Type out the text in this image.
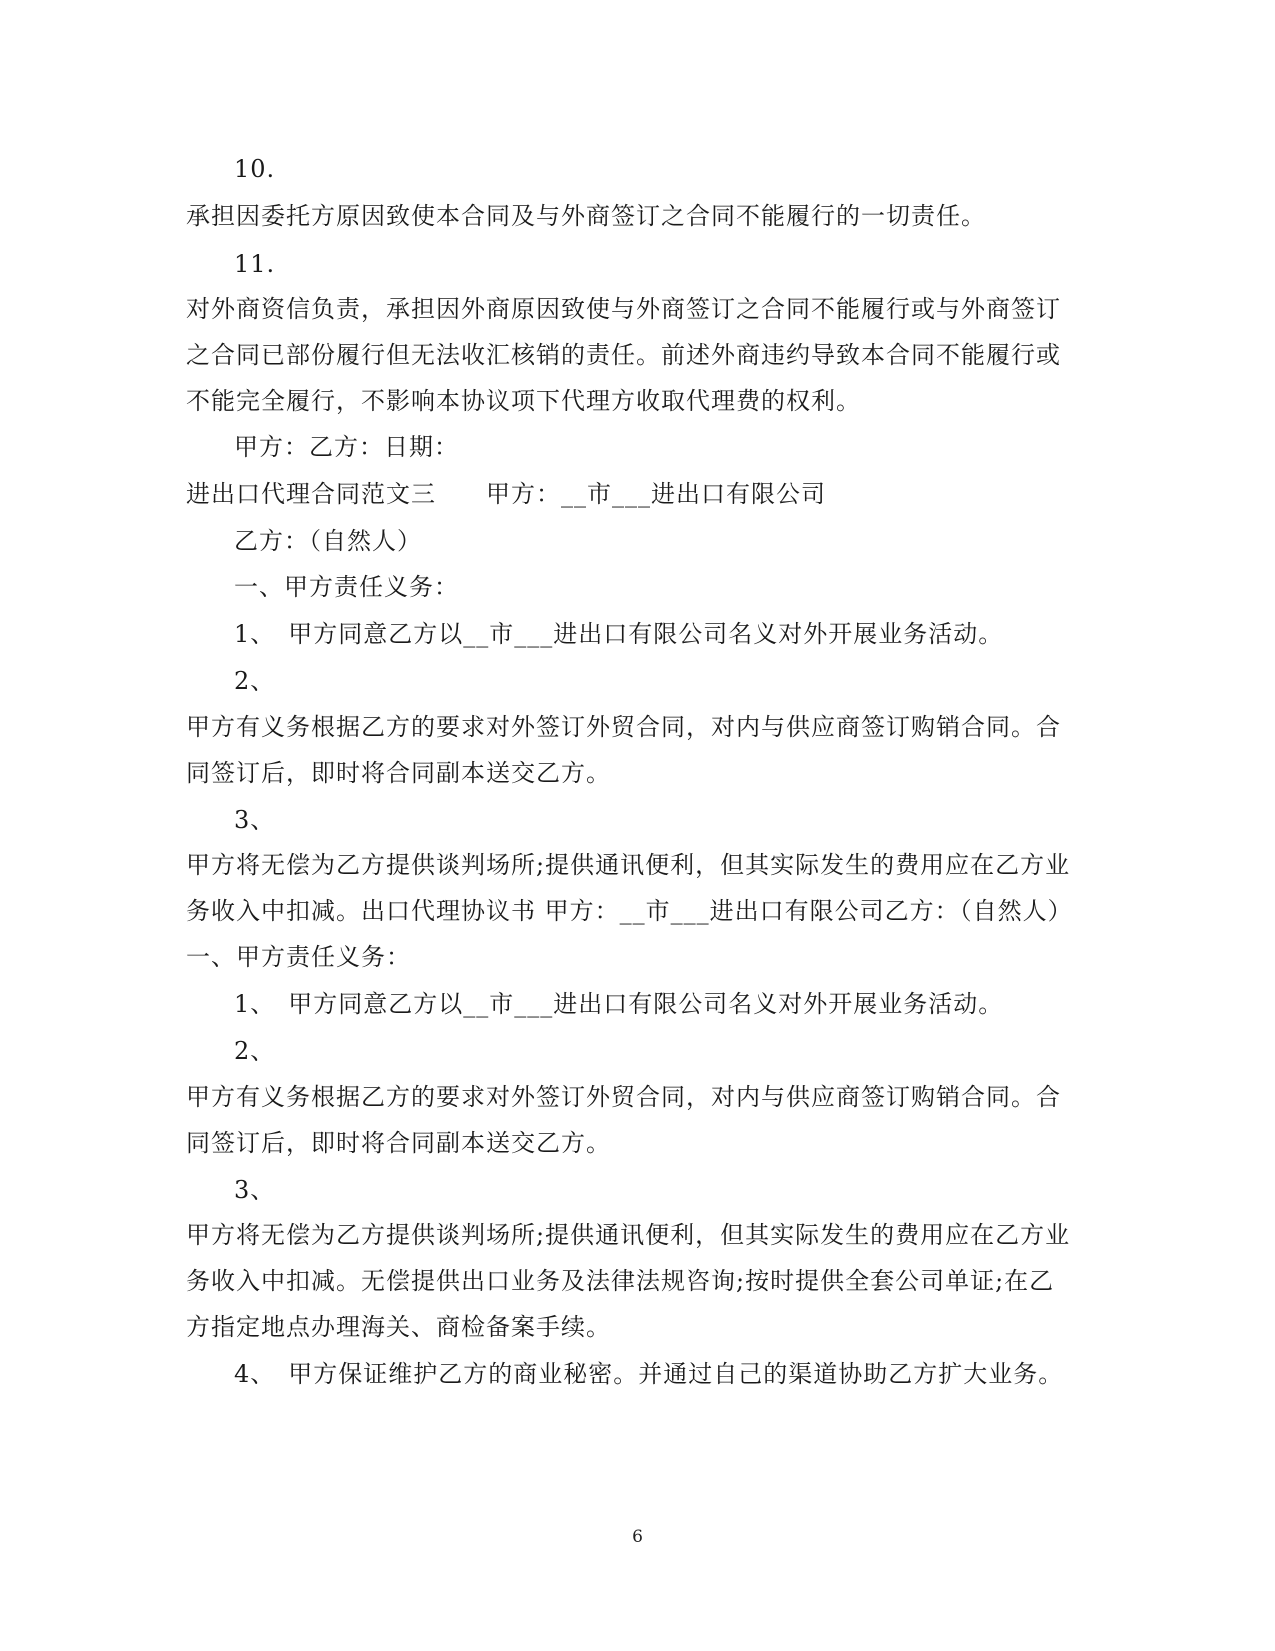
10.
承担因委托方原因致使本合同及与外商签订之合同不能履行的一切责任。
11.
对外商资信负责，承担因外商原因致使与外商签订之合同不能履行或与外商签订
之合同已部份履行但无法收汇核销的责任。前述外商违约导致本合同不能履行或
不能完全履行，不影响本协议项下代理方收取代理费的权利。
甲方：乙方：日期：
进出口代理合同范文三　　甲方：__市___进出口有限公司
乙方：（自然人）
一、甲方责任义务：
1、　甲方同意乙方以__市___进出口有限公司名义对外开展业务活动。
2、
甲方有义务根据乙方的要求对外签订外贸合同，对内与供应商签订购销合同。合
同签订后，即时将合同副本送交乙方。
3、
甲方将无偿为乙方提供谈判场所;提供通讯便利，但其实际发生的费用应在乙方业
务收入中扣减。出口代理协议书 甲方：__市___进出口有限公司乙方：（自然人）
一、甲方责任义务：
1、　甲方同意乙方以__市___进出口有限公司名义对外开展业务活动。
2、
甲方有义务根据乙方的要求对外签订外贸合同，对内与供应商签订购销合同。合
同签订后，即时将合同副本送交乙方。
3、
甲方将无偿为乙方提供谈判场所;提供通讯便利，但其实际发生的费用应在乙方业
务收入中扣减。无偿提供出口业务及法律法规咨询;按时提供全套公司单证;在乙
方指定地点办理海关、商检备案手续。
4、　甲方保证维护乙方的商业秘密。并通过自己的渠道协助乙方扩大业务。
6
